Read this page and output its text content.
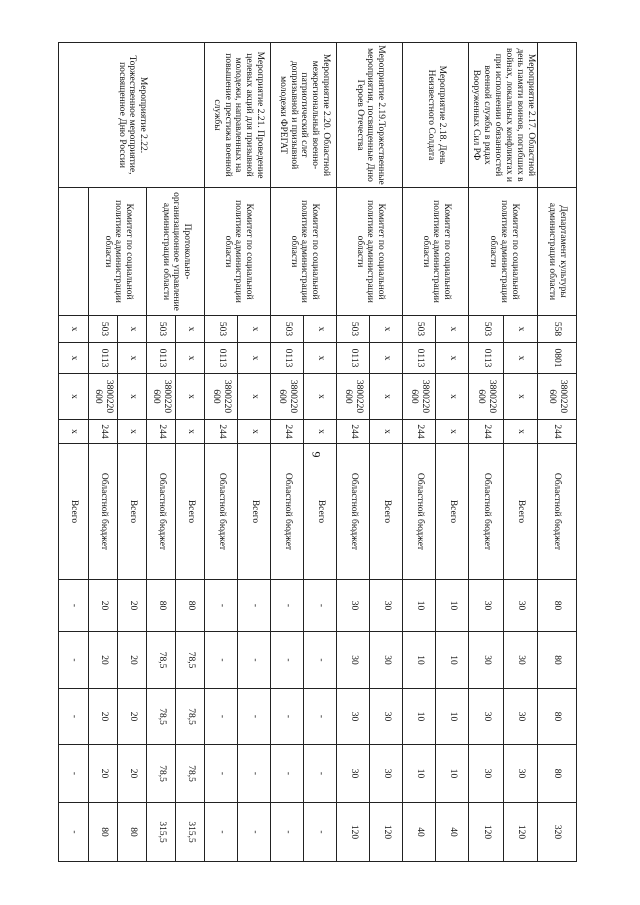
9
	Департамент культуры администрации области	558	0801	3800220 600	244	Областной бюджет	80	80	80	80	320
Мероприятие 2.17. Областной день памяти воинов, погибших в войнах, локальных конфликтах и при исполнении обязанностей военной службы в рядах Вооруженных Сил РФ	Комитет по социальной политике администрации области	х	х	х	х	Всего	30	30	30	30	120
		503	0113	3800220 600	244	Областной бюджет	30	30	30	30	120
Мероприятие 2.18. День Неизвестного Солдата	Комитет по социальной политике администрации области	х	х	х	х	Всего	10	10	10	10	40
		503	0113	3800220 600	244	Областной бюджет	10	10	10	10	40
Мероприятие 2.19.Торжественные мероприятия, посвященные Дню Героев Отечества	Комитет по социальной политике администрации области	х	х	х	х	Всего	30	30	30	30	120
		503	0113	3800220 600	244	Областной бюджет	30	30	30	30	120
Мероприятие 2.20. Областной межрегиональный военно-патриотический слет допризывной и призывной молодежи ФРЕГАТ	Комитет по социальной политике администрации области	х	х	х	х	Всего	-	-	-	-	-
		503	0113	3800220 600	244	Областной бюджет	-	-	-	-	-
Мероприятие 2.21. Проведение целевых акций для призывной молодежи, направленных на повышение престижа военной службы	Комитет по социальной политике администрации области	х	х	х	х	Всего	-	-	-	-	-
		503	0113	3800220 600	244	Областной бюджет	-	-	-	-	-
Мероприятие 2.22. Торжественное мероприятие, посвященное Дню России	Протокольно-организационное управление администрации области	х	х	х	х	Всего	80	78,5	78,5	78,5	315,5
		503	0113	3800220 600	244	Областной бюджет	80	78,5	78,5	78,5	315,5
	Комитет по социальной политике администрации области	х	х	х	х	Всего	20	20	20	20	80
		503	0113	3800220 600	244	Областной бюджет	20	20	20	20	80
		х	х	х	х	Всего	-	-	-	-	-
